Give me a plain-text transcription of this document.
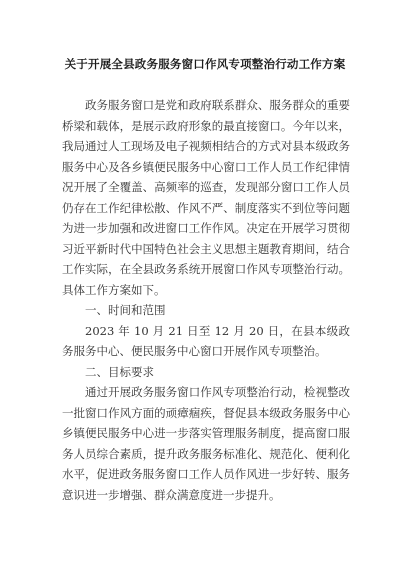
关于开展全县政务服务窗口作风专项整治行动工作方案

政务服务窗口是党和政府联系群众、服务群众的重要桥梁和载体，是展示政府形象的最直接窗口。今年以来，我局通过人工现场及电子视频相结合的方式对县本级政务服务中心及各乡镇便民服务中心窗口工作人员工作纪律情况开展了全覆盖、高频率的巡查，发现部分窗口工作人员仍存在工作纪律松散、作风不严、制度落实不到位等问题为进一步加强和改进窗口工作作风。决定在开展学习贯彻习近平新时代中国特色社会主义思想主题教育期间，结合工作实际，在全县政务系统开展窗口作风专项整治行动。具体工作方案如下。

一、时间和范围

2023 年 10 月 21 日至 12 月 20 日，在县本级政务服务中心、便民服务中心窗口开展作风专项整治。

二、目标要求

通过开展政务服务窗口作风专项整治行动，检视整改一批窗口作风方面的顽瘴痼疾，督促县本级政务服务中心乡镇便民服务中心进一步落实管理服务制度，提高窗口服务人员综合素质，提升政务服务标准化、规范化、便利化水平，促进政务服务窗口工作人员作风进一步好转、服务意识进一步增强、群众满意度进一步提升。
